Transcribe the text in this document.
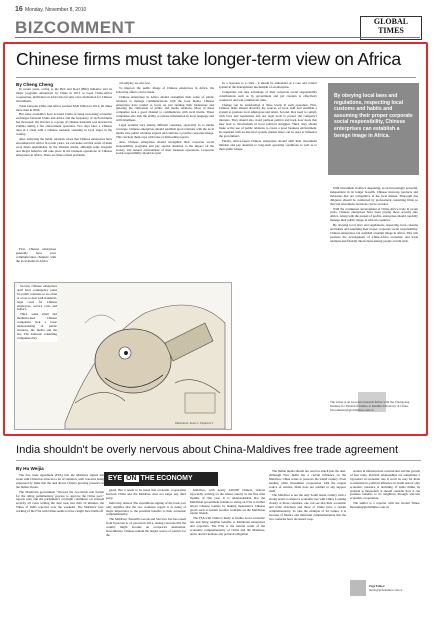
16 Monday, November 8, 2010
BIZCOMMENT	GLOBAL
TIMES
Chinese firms must take longer-term view on Africa
By Cheng Cheng

In recent years, owing to the Belt and Road (BRI) initiative and its major programs announced by China in 2013 to boost China-Africa cooperation, individual on Africa has become a hot destination for Chinese investments.

Trade between China and Africa reached $220 billion in 2014, 20 times more than in 2000.

But some academics have accused China of using increasing economic exchanges between China and Africa and the frequency of such incidents has increased. On October 4, a group of Chinese nationals was attacked in Zambia during a fair enforcement operation. Two days later, a Chinese died in a clash with a Chinese national, resulting in local anger in the country.

After analyzing the public relations crises that Chinese enterprises have encountered in Africa in recent years, we can make out that some of them were made unattainable by the Western media, although some irregular and illegal behavior did take place in the business operations of Chinese enterprises in Africa. There are three related problems.

First, Chinese enterprises generally have poor communication channels with the local media in Africa.

can employ are also few.

To improve the public image of Chinese enterprises in Africa, the following efforts can be made.

Chinese enterprises in Africa should strengthen their sense of public relations to manage communications with the local media. Chinese enterprises have tended to focus on just running their businesses and ignoring the cultivation of public and media relations. Most of these companies lack a good channel to communicate with local media. These companies also lack the ability to release information in local language and with timeliness.

Legal systems vary among different countries, especially as to media coverage. Chinese enterprises should establish good relations with the local media, hire public relations experts and cultivate a positive corporate image. This can help them cope with false or misleading reports.

Also, Chinese enterprises should strengthen their corporate social responsibility programs and pay special attention to the impact on the society and natural environment of their business operations. Corporate social responsibility should not just

be a response to a crisis - it should be embedded as a core and control system in the management mechanism of an enterprise.

Companies can take advantage of their corporate social responsibility contributions such as by government and job creation to effectively counteract and win commercial risks.

Change can be transformed at three levels in each operation. First, Chinese firms should diversify the sources of local staff and establish a system to promote local employees and talent. Second, they need to comply with laws and regulations and use legal tools to protect the company's interests. They should also avoid partisan politics and back door deals that may lead to involvement in local political struggles. Third, they should make active use of public relations to create a good business environment. In countries with an electoral system, market share can be used to influence the government.

Finally, Africa-based Chinese enterprises should shift their investment mindset and pay attention to long-term operating conditions as well as to their public image.

Second, Chinese enterprises don't have contingency plans for public relations so are often at a loss to deal with standards, legal cases for Chinese employees, service costs and bribery.

Third, some small and medium-sized Chinese companies lack a basic understanding of public relations, the media and the law. The domestic consulting companies they

Illustration: Peter C. Espina/GT
By obeying local laws and regulations, respecting local customs and habits and assuming their proper corporate social responsibility, Chinese enterprises can establish a benign image in Africa.

With investment in Africa deepening, as an increasingly powerful, independent in its longer breadth, Chinese must-tap products and industries that are competitive in the local market. Thorough due diligence should be conducted by professional consulting firms so that bad investment decisions can be avoided.

With the continuous development of China-Africa trade in recent years, Chinese enterprises have been paying more security into Africa. Along with the pursuit of profits, enterprises should carefully manage their public image in African countries.

By obeying local laws and regulations, respecting local customs and habits and assuming their proper corporate social responsibility, Chinese enterprises can establish a benign image in Africa. This will promote the development of China-Africa economic and trade relations and friendly interactions among people at both ends.

The writer is an associate research fellow with the Chongyang Institute for Financial Studies at Renmin University of China. bizcomment@globaltimes.com.cn
India shouldn't be overly nervous about China-Maldives free trade agreement
By Hu Weijia

The free trade agreement (FTA) that the Maldives signed last week with China has attracted a lot of attention, with concerns being expressed by India that the deal shows China's growing presence in the Indian Ocean.

The Maldivian government "allowed the two-thirds rule format for the ruling parliamentary process to approve the China pact," reports said, and the parliament's oversight committee on external security all votes writing the deal took less than 10 minutes, the Times of India reported over the weekend. The Maldives' fast-tracking of the FTA with China seems to have caught New Delhi off

EYE ON THE ECONOMY

guard. But it needs to be noted that economic cooperation between China and the Maldives does not target any third party.

India may indeed. The expeditious signing of the trade pact only signifies that the two countries regard it as being of major importance to the potential benefits to their economic complementarity.

The Maldives' Tourism's Goods and Services Tax has raised from 8 percent to 12 percent in 2014, raising concerns that the country might become an overpriced destination. Nevertheless, Chinese remain the largest source of tourists for the

Maldives, with nearly 440,000 Chinese visitors reportedly arriving on the island country in the first nine months of this year. It is understandable that the Maldivian government intends to swing an FTA to further attract Chinese tourists by making inexpensive Chinese goods such as instant noodles available on the Maldivian tourist islands.

The FTA with China is likely to further boost economic ties and bring tangible benefits to Maldivian enterprises and exporters. The FTA is the natural result of the economic complementarity of China and the Maldives, and it doesn't indicate any political obligation

The Indian media should not read too much into the deal. Although New Delhi has a certain influence on the Maldives, China wants to preserve the island country. Even lending cabin investment cooperation with the largest source of tourists, India does not attempt to any support itself.

The Maldives is not the only South Asian country with a strong desire to improve economic ties with China. Looking closely at those countries, one can see that their economic and trade structures and those of China have a certain complementarity. To take the example of Sri Lanka, it is because of finance and industrial complementation that the two countries have increased coop-

eration in infrastructure construction and the growth of free trade. Political relationships are sometimes a byproduct of economic ties. It won't be easy for India to maintain its political influence in South Asia if only economic presence is declining. If India thinks its position is threatened, it should consider how it can promote benefits to its neighbors through win-win economic cooperation.

The author is a reporter with the Global Times. huweijia@globaltimes.com.cn

Page Editor:
liuxin@globaltimes.com.cn
